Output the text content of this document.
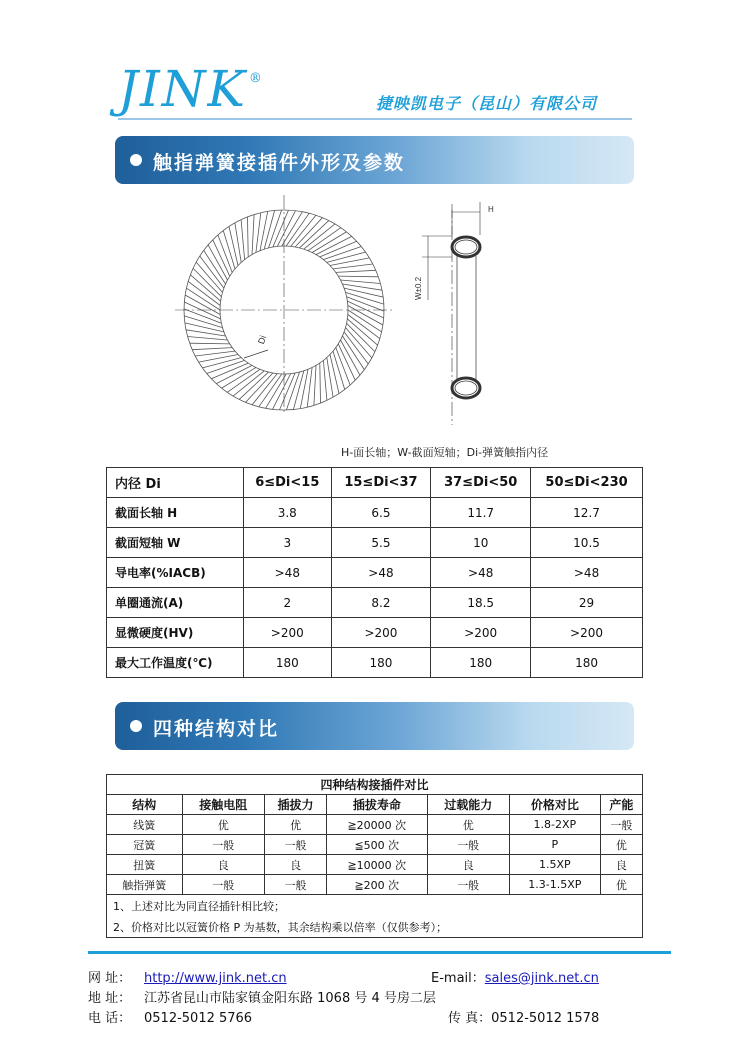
JINK ®
捷映凯电子（昆山）有限公司
触指弹簧接插件外形及参数
Di
H
W±0.2
H-面长轴；W-截面短轴；Di-弹簧触指内径
内径 Di	6≤Di<15	15≤Di<37	37≤Di<50	50≤Di<230
截面长轴 H	3.8	6.5	11.7	12.7
截面短轴 W	3	5.5	10	10.5
导电率(%IACB)	>48	>48	>48	>48
单圈通流(A)	2	8.2	18.5	29
显微硬度(HV)	>200	>200	>200	>200
最大工作温度(℃)	180	180	180	180
四种结构对比
四种结构接插件对比						
结构	接触电阻	插拔力	插拔寿命	过载能力	价格对比	产能
线簧	优	优	≧20000 次	优	1.8-2XP	一般
冠簧	一般	一般	≦500 次	一般	P	优
扭簧	良	良	≧10000 次	良	1.5XP	良
触指弹簧	一般	一般	≧200 次	一般	1.3-1.5XP	优
1、上述对比为同直径插针相比较；						
2、价格对比以冠簧价格 P 为基数，其余结构乘以倍率（仅供参考）；						
网 址： http://www.jink.net.cn	E-mail：sales@jink.net.cn
地 址： 江苏省昆山市陆家镇金阳东路 1068 号 4 号房二层
电 话： 0512-5012 5766	传 真：0512-5012 1578
